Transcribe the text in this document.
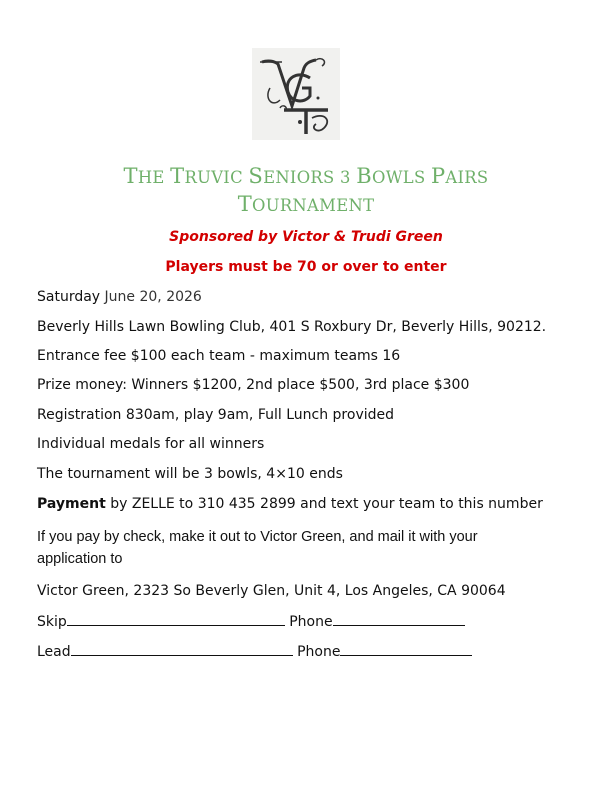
THE TRUVIC SENIORS 3 BOWLS PAIRS
TOURNAMENT

Sponsored by Victor & Trudi Green

Players must be 70 or over to enter

Saturday June 20, 2026

Beverly Hills Lawn Bowling Club, 401 S Roxbury Dr, Beverly Hills, 90212.

Entrance fee $100 each team - maximum teams 16

Prize money: Winners $1200, 2nd place $500, 3rd place $300

Registration 830am, play 9am, Full Lunch provided

Individual medals for all winners

The tournament will be 3 bowls, 4×10 ends

Payment by ZELLE to 310 435 2899 and text your team to this number

If you pay by check, make it out to Victor Green, and mail it with your

application to

Victor Green, 2323 So Beverly Glen, Unit 4, Los Angeles, CA 90064

Skip	Phone

Lead	Phone
